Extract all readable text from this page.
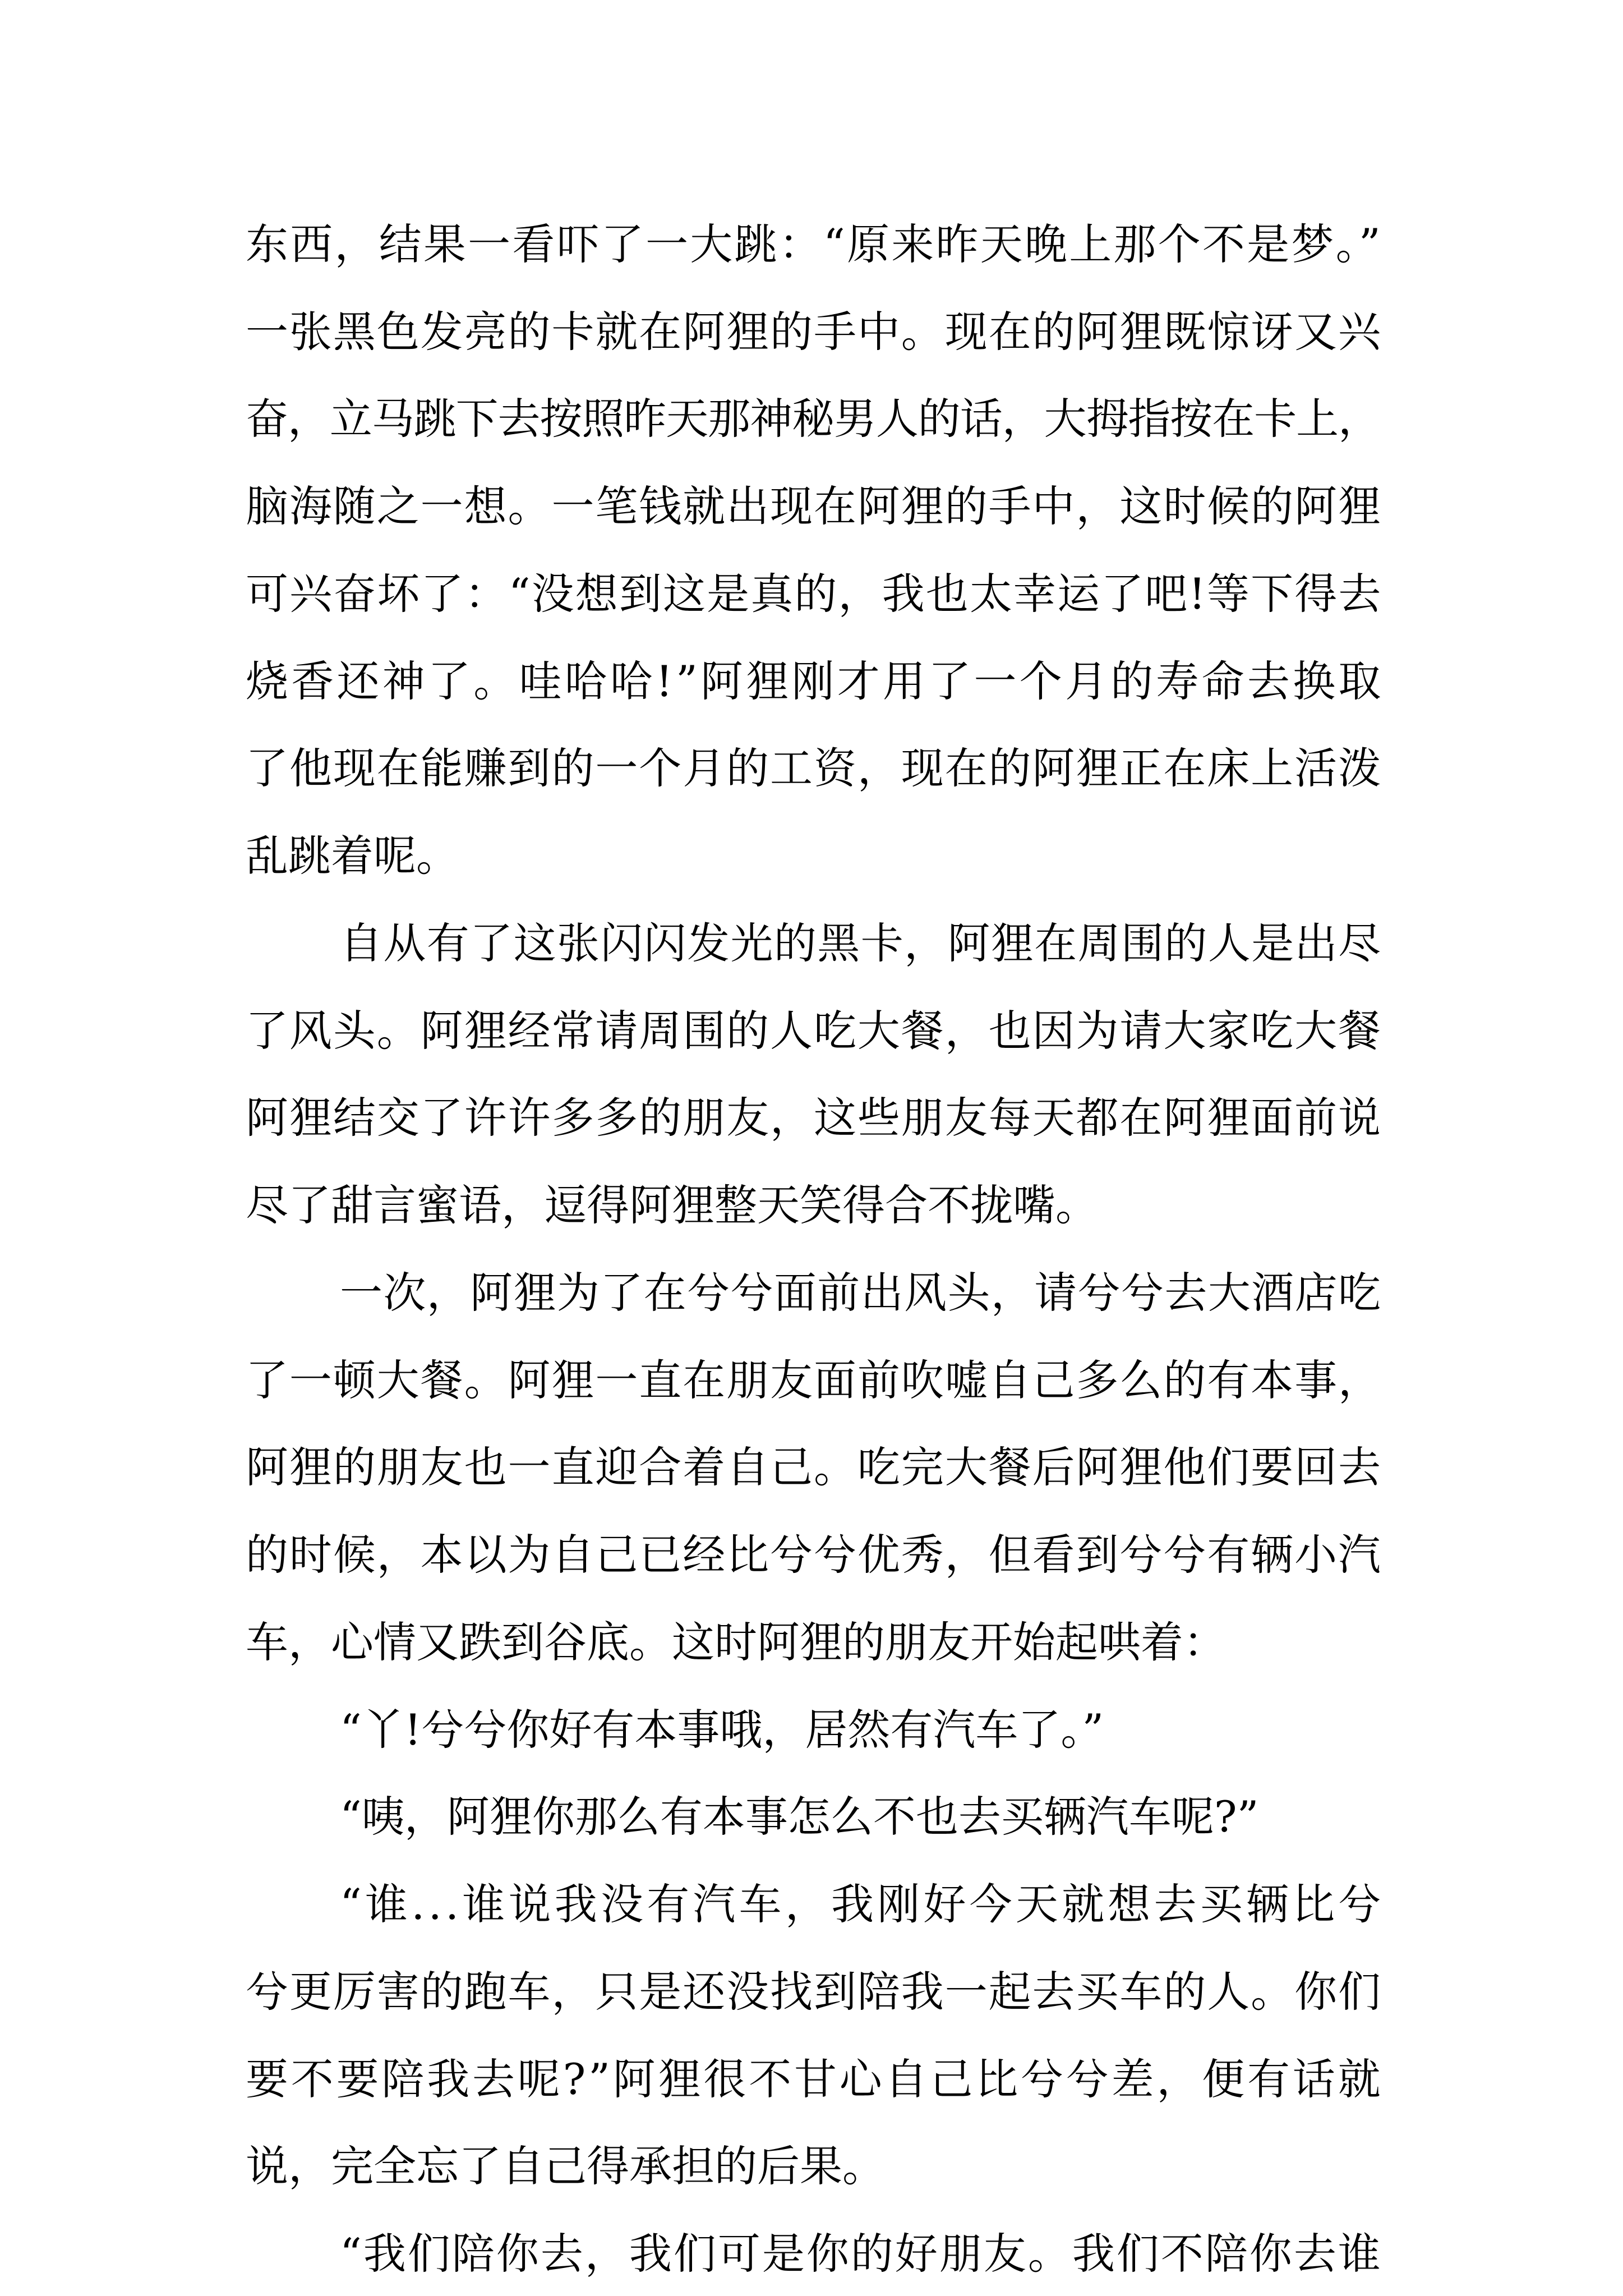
东西，结果一看吓了一大跳：“原来昨天晚上那个不是梦。”
一张黑色发亮的卡就在阿狸的手中。现在的阿狸既惊讶又兴
奋，立马跳下去按照昨天那神秘男人的话，大拇指按在卡上，
脑海随之一想。一笔钱就出现在阿狸的手中，这时候的阿狸
可兴奋坏了：“没想到这是真的，我也太幸运了吧!等下得去
烧香还神了。哇哈哈!”阿狸刚才用了一个月的寿命去换取
了他现在能赚到的一个月的工资，现在的阿狸正在床上活泼
乱跳着呢。
自从有了这张闪闪发光的黑卡，阿狸在周围的人是出尽
了风头。阿狸经常请周围的人吃大餐，也因为请大家吃大餐
阿狸结交了许许多多的朋友，这些朋友每天都在阿狸面前说
尽了甜言蜜语，逗得阿狸整天笑得合不拢嘴。
一次，阿狸为了在兮兮面前出风头，请兮兮去大酒店吃
了一顿大餐。阿狸一直在朋友面前吹嘘自己多么的有本事，
阿狸的朋友也一直迎合着自己。吃完大餐后阿狸他们要回去
的时候，本以为自己已经比兮兮优秀，但看到兮兮有辆小汽
车，心情又跌到谷底。这时阿狸的朋友开始起哄着：
“丫!兮兮你好有本事哦，居然有汽车了。”
“咦，阿狸你那么有本事怎么不也去买辆汽车呢?”
“谁...谁说我没有汽车，我刚好今天就想去买辆比兮
兮更厉害的跑车，只是还没找到陪我一起去买车的人。你们
要不要陪我去呢?”阿狸很不甘心自己比兮兮差，便有话就
说，完全忘了自己得承担的后果。
“我们陪你去，我们可是你的好朋友。我们不陪你去谁
